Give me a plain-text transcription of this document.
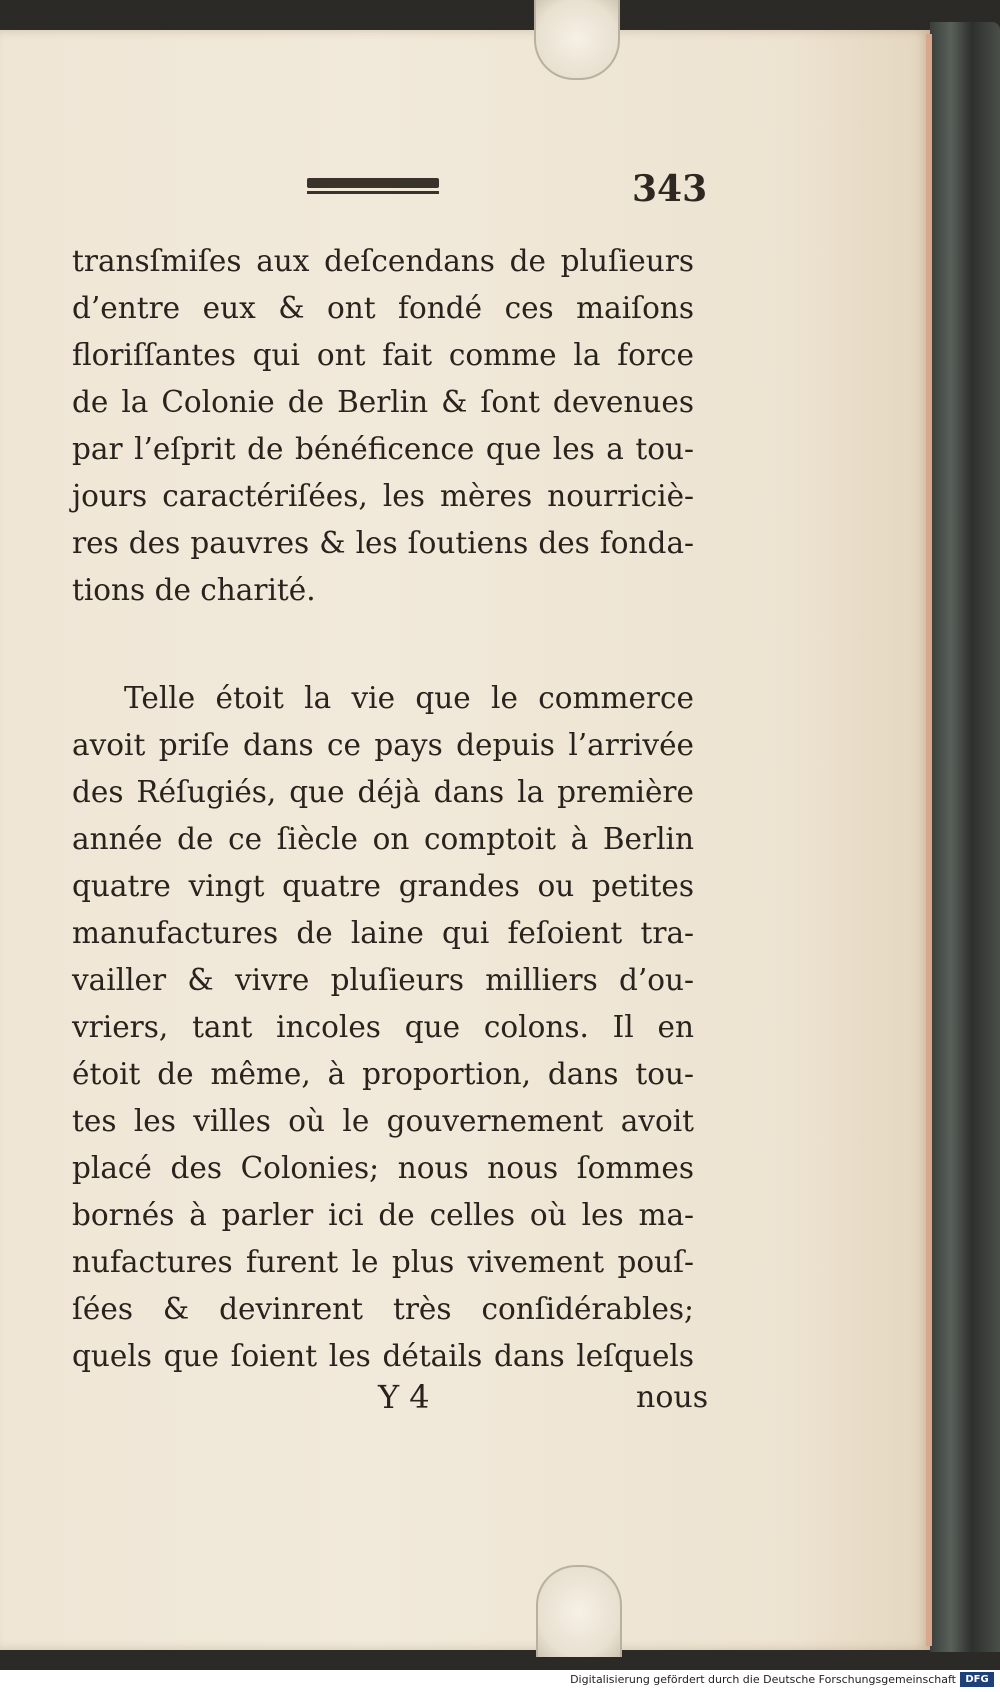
343
transſmiſes aux deſcendans de pluſieurs
d’entre eux & ont fondé ces maiſons
floriſſantes qui ont fait comme la force
de la Colonie de Berlin & ſont devenues
par l’eſprit de bénéficence que les a tou-
jours caractériſées, les mères nourriciè-
res des pauvres & les ſoutiens des fonda-
tions de charité.
Telle étoit la vie que le commerce
avoit priſe dans ce pays depuis l’arrivée
des Réſugiés, que déjà dans la première
année de ce ſiècle on comptoit à Berlin
quatre vingt quatre grandes ou petites
manufactures de laine qui feſoient tra-
vailler & vivre pluſieurs milliers d’ou-
vriers, tant incoles que colons. Il en
étoit de même, à proportion, dans tou-
tes les villes où le gouvernement avoit
placé des Colonies; nous nous ſommes
bornés à parler ici de celles où les ma-
nufactures furent le plus vivement pouſ-
ſées & devinrent très conſidérables;
quels que ſoient les détails dans leſquels
Y 4	nous
Digitalisierung gefördert durch die Deutsche Forschungsgemeinschaft DFG
